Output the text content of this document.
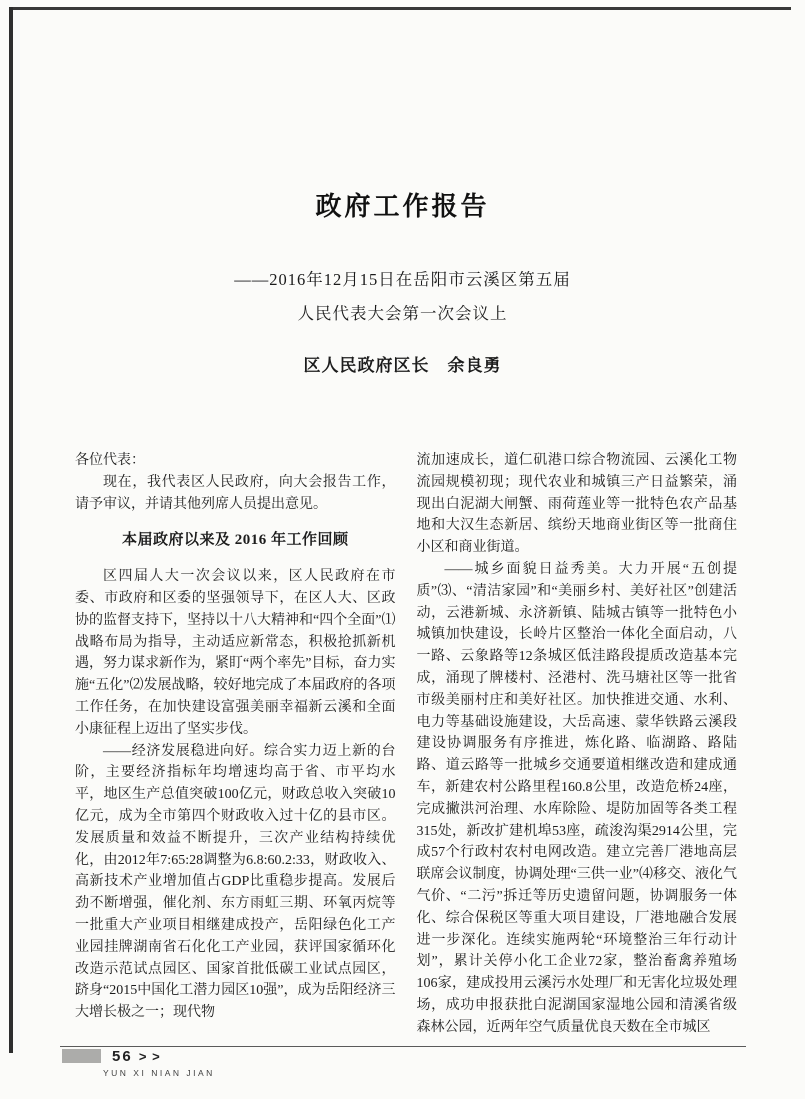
政府工作报告
——2016年12月15日在岳阳市云溪区第五届
人民代表大会第一次会议上
区人民政府区长　余良勇

各位代表：

现在，我代表区人民政府，向大会报告工作，请予审议，并请其他列席人员提出意见。

本届政府以来及 2016 年工作回顾

区四届人大一次会议以来，区人民政府在市委、市政府和区委的坚强领导下，在区人大、区政协的监督支持下，坚持以十八大精神和“四个全面”⑴战略布局为指导，主动适应新常态，积极抢抓新机遇，努力谋求新作为，紧盯“两个率先”目标，奋力实施“五化”⑵发展战略，较好地完成了本届政府的各项工作任务，在加快建设富强美丽幸福新云溪和全面小康征程上迈出了坚实步伐。

——经济发展稳进向好。综合实力迈上新的台阶，主要经济指标年均增速均高于省、市平均水平，地区生产总值突破100亿元，财政总收入突破10亿元，成为全市第四个财政收入过十亿的县市区。发展质量和效益不断提升，三次产业结构持续优化，由2012年7:65:28调整为6.8:60.2:33，财政收入、高新技术产业增加值占GDP比重稳步提高。发展后劲不断增强，催化剂、东方雨虹三期、环氧丙烷等一批重大产业项目相继建成投产，岳阳绿色化工产业园挂牌湖南省石化化工产业园，获评国家循环化改造示范试点园区、国家首批低碳工业试点园区，跻身“2015中国化工潜力园区10强”，成为岳阳经济三大增长极之一；现代物

流加速成长，道仁矶港口综合物流园、云溪化工物流园规模初现；现代农业和城镇三产日益繁荣，涌现出白泥湖大闸蟹、雨荷莲业等一批特色农产品基地和大汉生态新居、缤纷天地商业街区等一批商住小区和商业街道。

——城乡面貌日益秀美。大力开展“五创提质”⑶、“清洁家园”和“美丽乡村、美好社区”创建活动，云港新城、永济新镇、陆城古镇等一批特色小城镇加快建设，长岭片区整治一体化全面启动，八一路、云象路等12条城区低洼路段提质改造基本完成，涌现了牌楼村、泾港村、洗马塘社区等一批省市级美丽村庄和美好社区。加快推进交通、水利、电力等基础设施建设，大岳高速、蒙华铁路云溪段建设协调服务有序推进，炼化路、临湖路、路陆路、道云路等一批城乡交通要道相继改造和建成通车，新建农村公路里程160.8公里，改造危桥24座，完成撇洪河治理、水库除险、堤防加固等各类工程315处，新改扩建机埠53座，疏浚沟渠2914公里，完成57个行政村农村电网改造。建立完善厂港地高层联席会议制度，协调处理“三供一业”⑷移交、液化气气价、“二污”拆迁等历史遗留问题，协调服务一体化、综合保税区等重大项目建设，厂港地融合发展进一步深化。连续实施两轮“环境整治三年行动计划”，累计关停小化工企业72家，整治畜禽养殖场106家，建成投用云溪污水处理厂和无害化垃圾处理场，成功申报获批白泥湖国家湿地公园和清溪省级森林公园，近两年空气质量优良天数在全市城区

56 > >
YUN XI NIAN JIAN
